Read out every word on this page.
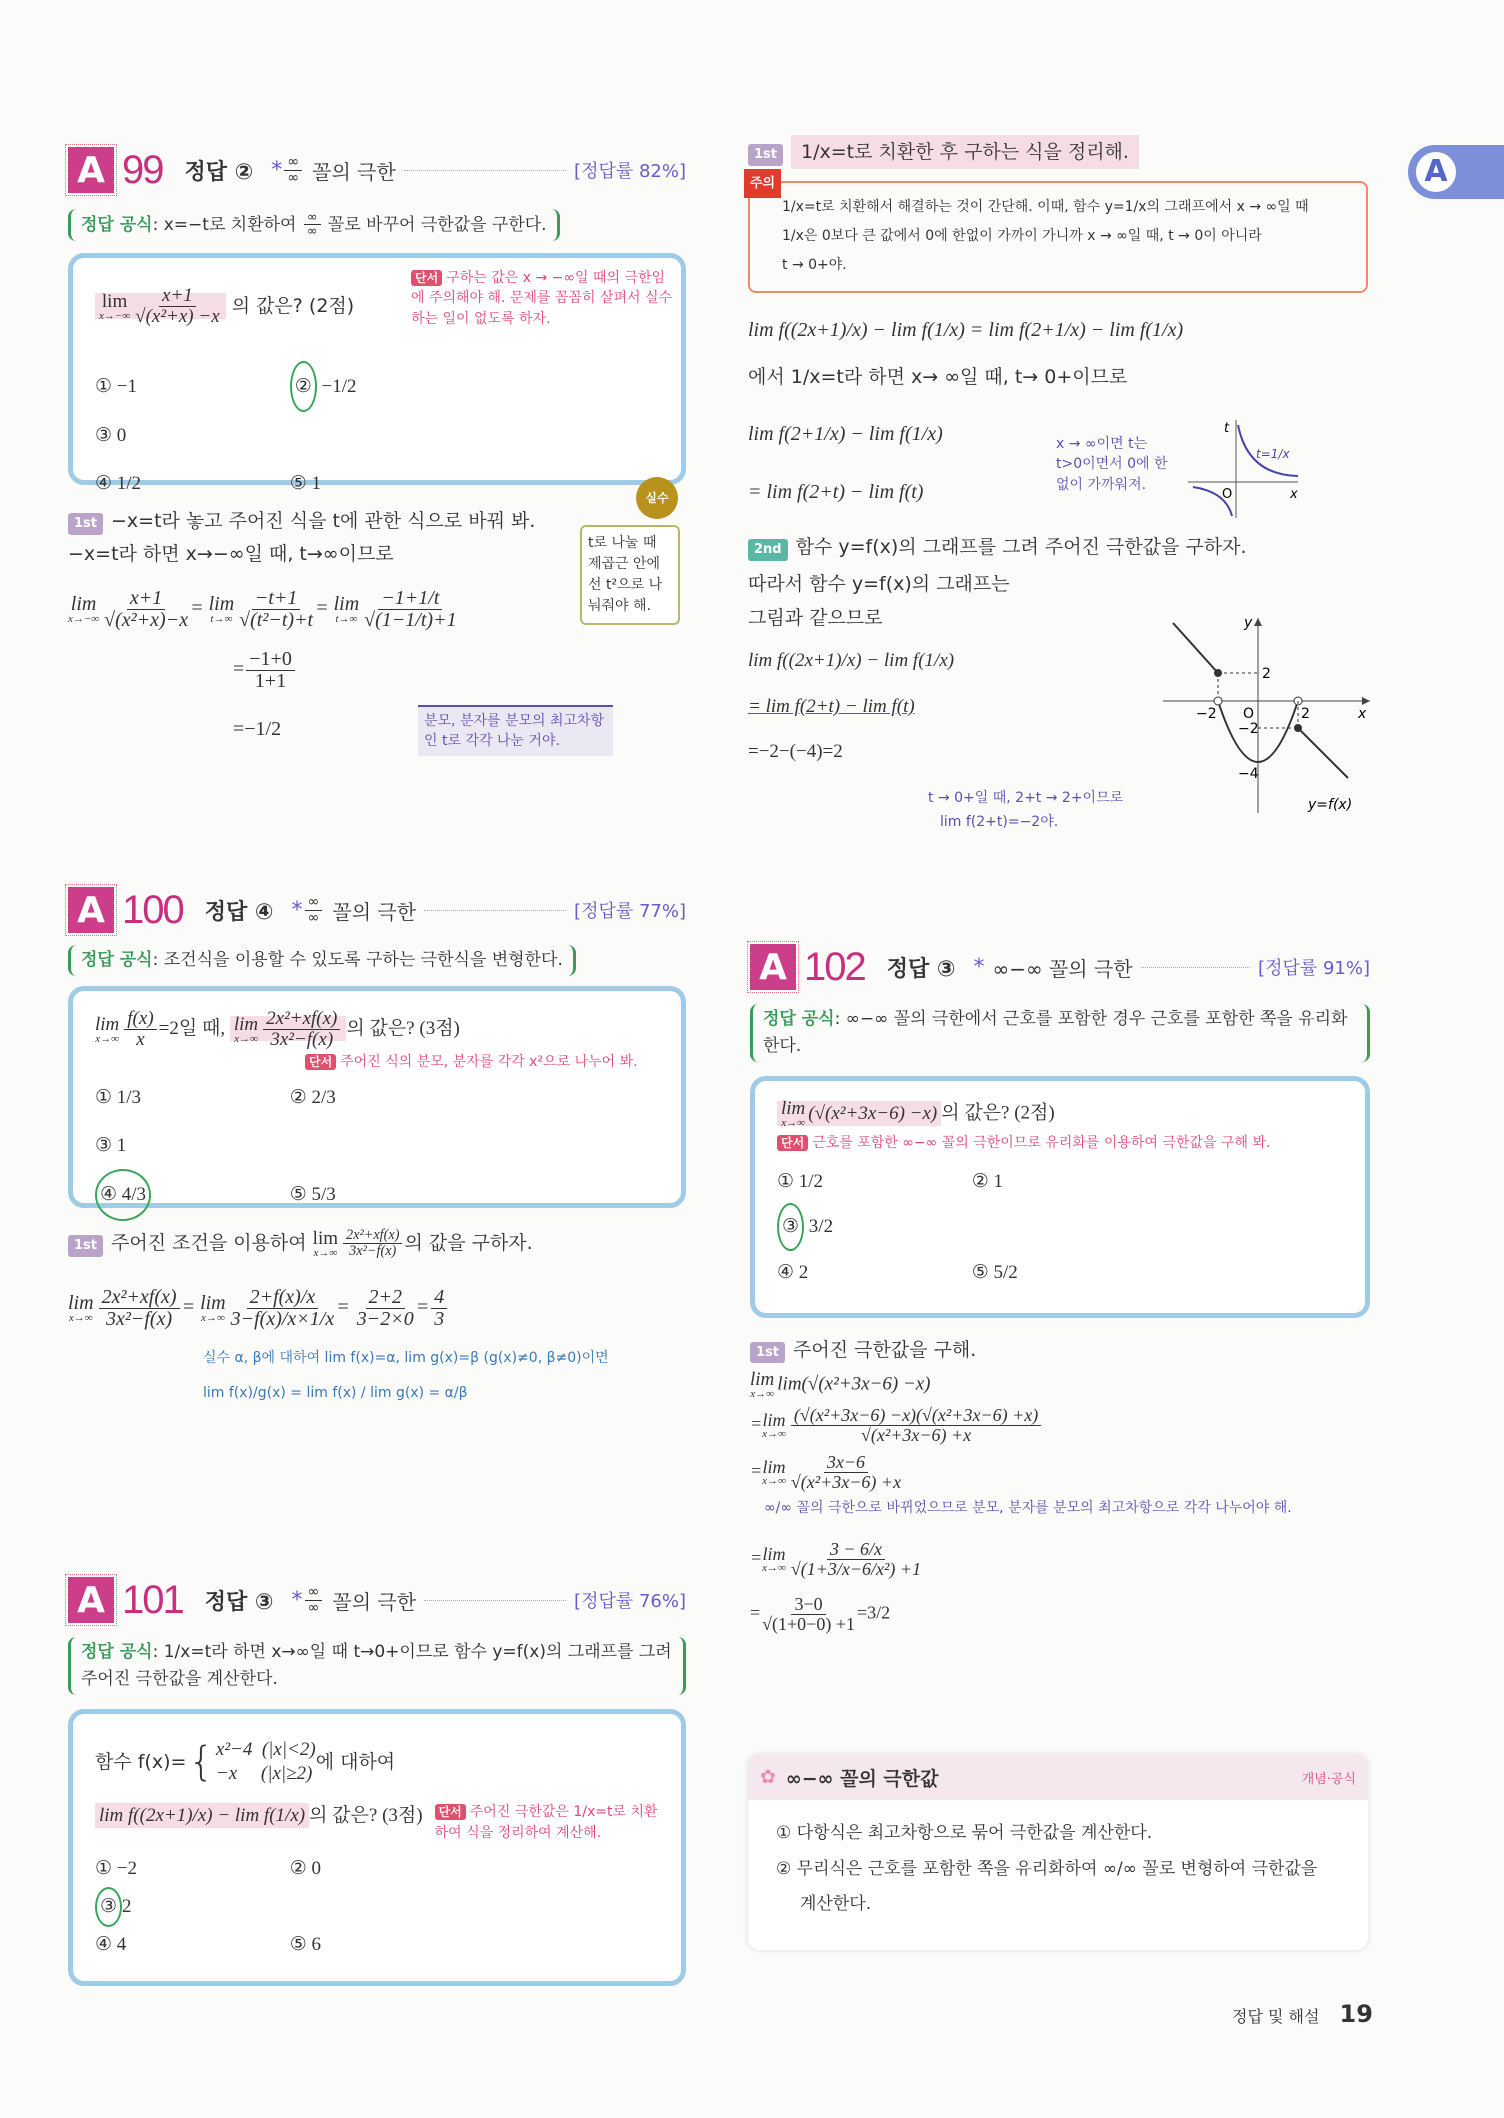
A
A 99 정답 ② * $\frac{\infty}{\infty}$ 꼴의 극한	[정답률 82%]
정답 공식: x=−t로 치환하여 $\frac{\infty}{\infty}$ 꼴로 바꾸어 극한값을 구한다.
lim
$x\to-\infty \frac{x+1}{\text{√(x²+x) −x}}$ 의 값은? (2점)
단서 구하는 값은 x → −∞일 때의 극한임에 주의해야 해. 문제를 꼼꼼히 살펴서 실수하는 일이 없도록 하자.
① −1	② −1/2 ③ 0
④ 1/2	⑤ 1
1st −x=t라 놓고 주어진 식을 t에 관한 식으로 바꿔 봐.
−x=t라 하면 x→−∞일 때, t→∞이므로
lim
$x\to-\infty \frac{x+1}{\text{√(x²+x)−x}} = \lim$
$t\to\infty \frac{-t+1}{\text{√(t²−t)+t}} = \lim$
$t\to\infty \frac{-1+1/t}{√(1-1/t)+1}$
= $\frac{-1+0}{1+1}$
=−1/2	분모, 분자를 분모의 최고차항인 t로 각각 나눈 거야.
실수
t로 나눌 때 제곱근 안에선 t²으로 나눠줘야 해.
A 100 정답 ④ * $\frac{\infty}{\infty}$ 꼴의 극한	[정답률 77%]
정답 공식: 조건식을 이용할 수 있도록 구하는 극한식을 변형한다.
lim
$x\to\infty \frac{f(x)}{x} =2$일 때, lim
$x\to\infty \frac{\text{2x²+xf(x)}}{\text{3x²−f(x)}}$ 의 값은? (3점)
단서 주어진 식의 분모, 분자를 각각 x²으로 나누어 봐.
① 1/3	② 2/3 ③ 1
④ 4/3	⑤ 5/3
1st 주어진 조건을 이용하여 lim
$x\to\infty \frac{\text{2x²+xf(x)}}{\text{3x²−f(x)}}$ 의 값을 구하자.
lim
$x\to\infty \frac{\text{2x²+xf(x)}}{\text{3x²−f(x)}} = \lim$
$x\to\infty \frac{2+f(x)/x}{3-f(x)/x\times 1/x} = \frac{2+2}{3-2\times 0} = \frac{4}{3}$
실수 α, β에 대하여 lim f(x)=α, lim g(x)=β (g(x)≠0, β≠0)이면
lim f(x)/g(x) = lim f(x) / lim g(x) = α/β
A 101 정답 ③ * $\frac{\infty}{\infty}$ 꼴의 극한	[정답률 76%]
정답 공식: 1/x=t라 하면 x→∞일 때 t→0+이므로 함수 y=f(x)의 그래프를 그려 주어진 극한값을 계산한다.
함수 f(x)= { x²−4  (|x|<2)
−x     (|x|≥2)
에 대하여
lim f((2x+1)/x) − lim f(1/x) 의 값은? (3점)	단서 주어진 극한값은 1/x=t로 치환하여 식을 정리하여 계산해.
① −2	② 0 ③ 2
④ 4	⑤ 6
1st 1/x=t로 치환한 후 구하는 식을 정리해.
주의
1/x=t로 치환해서 해결하는 것이 간단해. 이때, 함수 y=1/x의 그래프에서 x → ∞일 때
1/x은 0보다 큰 값에서 0에 한없이 가까이 가니까 x → ∞일 때, t → 0이 아니라
t → 0+야.
lim f((2x+1)/x) − lim f(1/x) = lim f(2+1/x) − lim f(1/x)
에서 1/x=t라 하면 x→ ∞일 때, t→ 0+이므로
lim f(2+1/x) − lim f(1/x)
= lim f(2+t) − lim f(t)
x → ∞이면 t는 t>0이면서 0에 한없이 가까워져.
t
x
O
t=1/x
2nd 함수 y=f(x)의 그래프를 그려 주어진 극한값을 구하자.
따라서 함수 y=f(x)의 그래프는
그림과 같으므로
lim f((2x+1)/x) − lim f(1/x)
= lim f(2+t) − lim f(t)
=−2−(−4)=2
t → 0+일 때, 2+t → 2+이므로
lim f(2+t)=−2야.
2
−2	2
−2
−4
O	x
y
y=f(x)
A 102 정답 ③ * ∞−∞ 꼴의 극한	[정답률 91%]
정답 공식: ∞−∞ 꼴의 극한에서 근호를 포함한 경우 근호를 포함한 쪽을 유리화한다.
lim
x→∞ (√(x²+3x−6) −x) 의 값은? (2점)
단서 근호를 포함한 ∞−∞ 꼴의 극한이므로 유리화를 이용하여 극한값을 구해 봐.
① 1/2	② 1 ③ 3/2
④ 2	⑤ 5/2
1st 주어진 극한값을 구해.
lim
x→∞ lim(√(x²+3x−6) −x)
= lim
$x\to\infty \frac{\text{(√(x²+3x−6) −x)(√(x²+3x−6) +x)}}{\text{√(x²+3x−6) +x}}$
= lim
$x\to\infty \frac{3x-6}{\text{√(x²+3x−6) +x}}$
∞/∞ 꼴의 극한으로 바뀌었으므로 분모, 분자를 분모의 최고차항으로 각각 나누어야 해.
= lim
$x\to\infty \frac{3 - 6/x}{\text{√(1+3/x−6/x²) +1}}$
= $\frac{3-0}{√(1+0-0) +1} =3/2$
✿ ∞−∞ 꼴의 극한값	개념·공식
① 다항식은 최고차항으로 묶어 극한값을 계산한다.
② 무리식은 근호를 포함한 쪽을 유리화하여 ∞/∞ 꼴로 변형하여 극한값을
계산한다.
정답 및 해설 19
